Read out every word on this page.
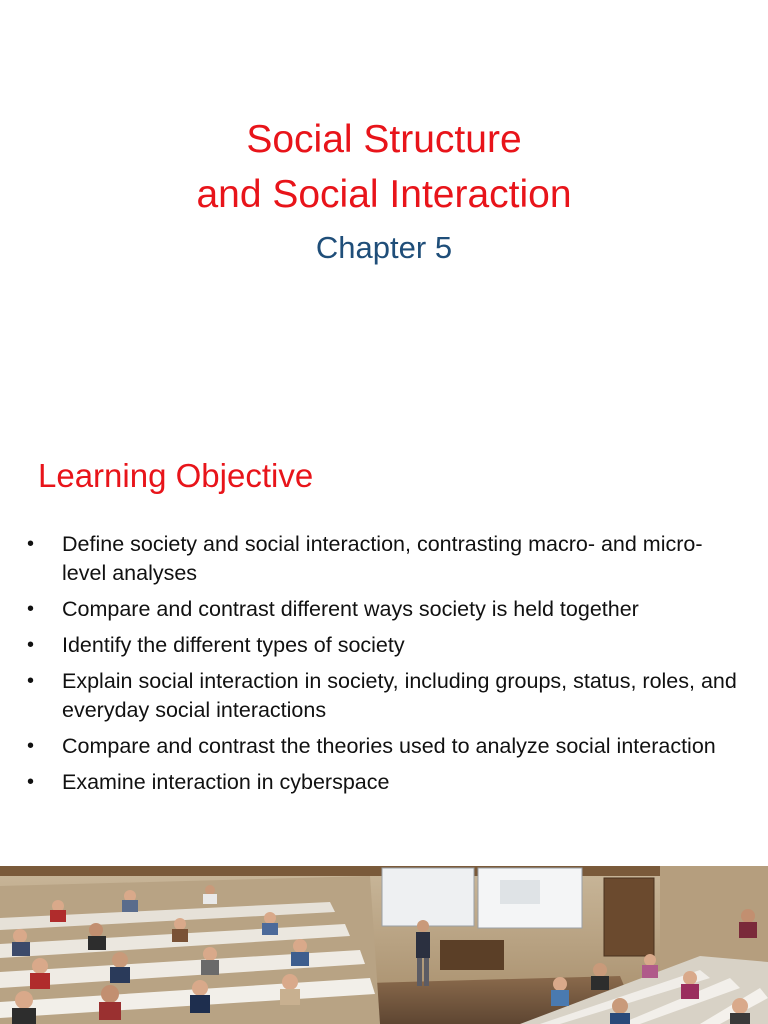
Social Structure
and Social Interaction
Chapter 5
Learning Objective
• Define society and social interaction, contrasting macro- and micro-level analyses
• Compare and contrast different ways society is held together
• Identify the different types of society
• Explain social interaction in society, including groups, status, roles, and everyday social interactions
• Compare and contrast the theories used to analyze social interaction
• Examine interaction in cyberspace
